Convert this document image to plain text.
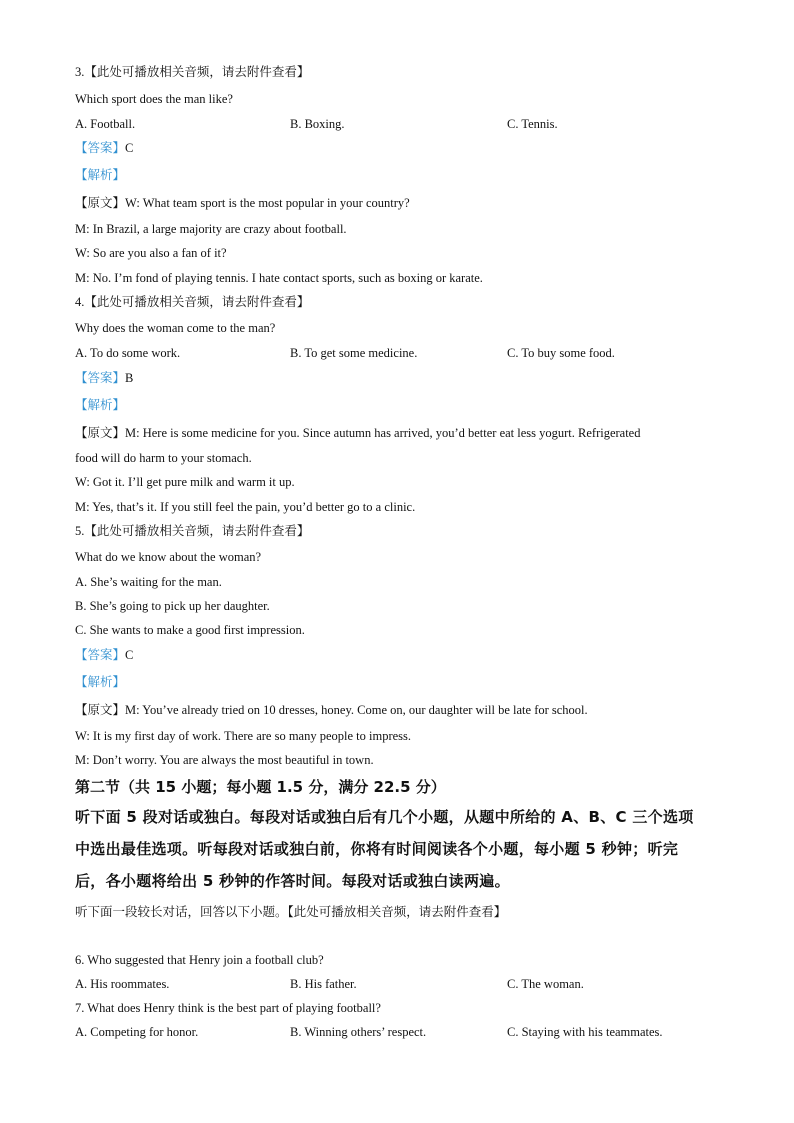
3.【此处可播放相关音频，请去附件查看】
Which sport does the man like?
A. Football.	B. Boxing.	C. Tennis.
【答案】C
【解析】
【原文】W: What team sport is the most popular in your country?
M: In Brazil, a large majority are crazy about football.
W: So are you also a fan of it?
M: No. I’m fond of playing tennis. I hate contact sports, such as boxing or karate.
4.【此处可播放相关音频，请去附件查看】
Why does the woman come to the man?
A. To do some work.	B. To get some medicine.	C. To buy some food.
【答案】B
【解析】
【原文】M: Here is some medicine for you. Since autumn has arrived, you’d better eat less yogurt. Refrigerated
food will do harm to your stomach.
W: Got it. I’ll get pure milk and warm it up.
M: Yes, that’s it. If you still feel the pain, you’d better go to a clinic.
5.【此处可播放相关音频，请去附件查看】
What do we know about the woman?
A. She’s waiting for the man.
B. She’s going to pick up her daughter.
C. She wants to make a good first impression.
【答案】C
【解析】
【原文】M: You’ve already tried on 10 dresses, honey. Come on, our daughter will be late for school.
W: It is my first day of work. There are so many people to impress.
M: Don’t worry. You are always the most beautiful in town.
第二节（共 15 小题；每小题 1.5 分，满分 22.5 分）
听下面 5 段对话或独白。每段对话或独白后有几个小题，从题中所给的 A、B、C 三个选项
中选出最佳选项。听每段对话或独白前，你将有时间阅读各个小题，每小题 5 秒钟；听完
后，各小题将给出 5 秒钟的作答时间。每段对话或独白读两遍。
听下面一段较长对话，回答以下小题。【此处可播放相关音频，请去附件查看】
6. Who suggested that Henry join a football club?
A. His roommates.	B. His father.	C. The woman.
7. What does Henry think is the best part of playing football?
A. Competing for honor.	B. Winning others’ respect.	C. Staying with his teammates.
